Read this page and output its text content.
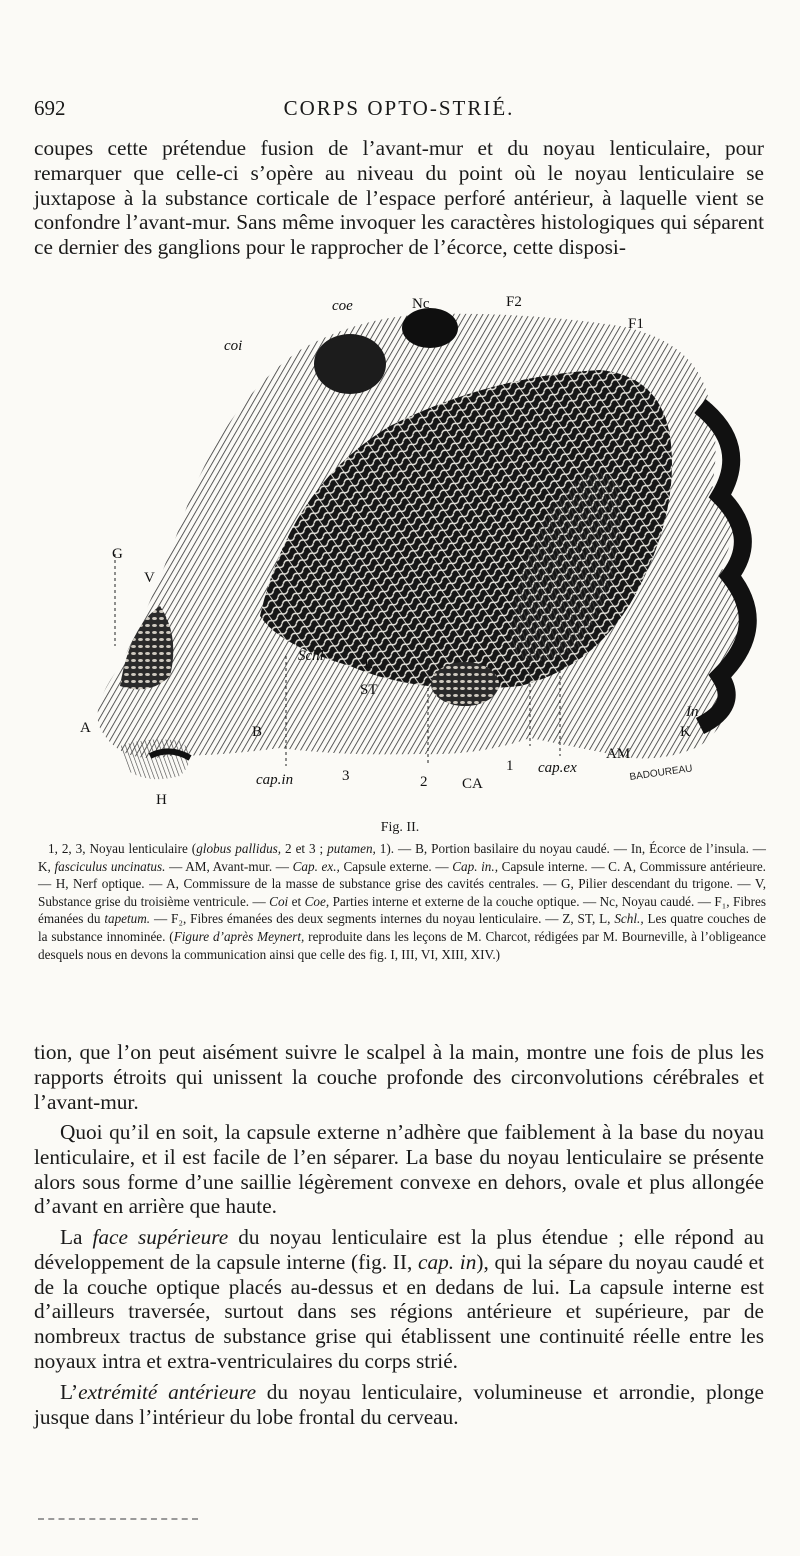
692	CORPS OPTO-STRIÉ.
coupes cette prétendue fusion de l’avant-mur et du noyau lenticulaire, pour remarquer que celle-ci s’opère au niveau du point où le noyau lenticulaire se juxtapose à la substance corticale de l’espace perforé antérieur, à laquelle vient se confondre l’avant-mur. Sans même invoquer les caractères histologiques qui séparent ce dernier des ganglions pour le rapprocher de l’écorce, cette disposi-
coe	Nc	F2
F1
coi
G
V
Schl	L
ST
A	B
H
cap.in	3	2 CA
1 cap.ex
AM
K
In
BADOUREAU
Fig. II.

1, 2, 3, Noyau lenticulaire (globus pallidus, 2 et 3 ; putamen, 1). — B, Portion basilaire du noyau caudé. — In, Écorce de l’insula. — K, fasciculus uncinatus. — AM, Avant-mur. — Cap. ex., Capsule externe. — Cap. in., Capsule interne. — C. A, Commissure antérieure. — H, Nerf optique. — A, Commissure de la masse de substance grise des cavités centrales. — G, Pilier descendant du trigone. — V, Substance grise du troisième ventricule. — Coi et Coe, Parties interne et externe de la couche optique. — Nc, Noyau caudé. — F₁, Fibres émanées du tapetum. — F₂, Fibres émanées des deux segments internes du noyau lenticulaire. — Z, ST, L, Schl., Les quatre couches de la substance innominée. (Figure d’après Meynert, reproduite dans les leçons de M. Charcot, rédigées par M. Bourneville, à l’obligeance desquels nous en devons la communication ainsi que celle des fig. I, III, VI, XIII, XIV.)

tion, que l’on peut aisément suivre le scalpel à la main, montre une fois de plus les rapports étroits qui unissent la couche profonde des circonvolutions cérébrales et l’avant-mur.
Quoi qu’il en soit, la capsule externe n’adhère que faiblement à la base du noyau lenticulaire, et il est facile de l’en séparer. La base du noyau lenticulaire se présente alors sous forme d’une saillie légèrement convexe en dehors, ovale et plus allongée d’avant en arrière que haute.
La face supérieure du noyau lenticulaire est la plus étendue ; elle répond au développement de la capsule interne (fig. II, cap. in), qui la sépare du noyau caudé et de la couche optique placés au-dessus et en dedans de lui. La capsule interne est d’ailleurs traversée, surtout dans ses régions antérieure et supérieure, par de nombreux tractus de substance grise qui établissent une continuité réelle entre les noyaux intra et extra-ventriculaires du corps strié.
L’extrémité antérieure du noyau lenticulaire, volumineuse et arrondie, plonge jusque dans l’intérieur du lobe frontal du cerveau.
